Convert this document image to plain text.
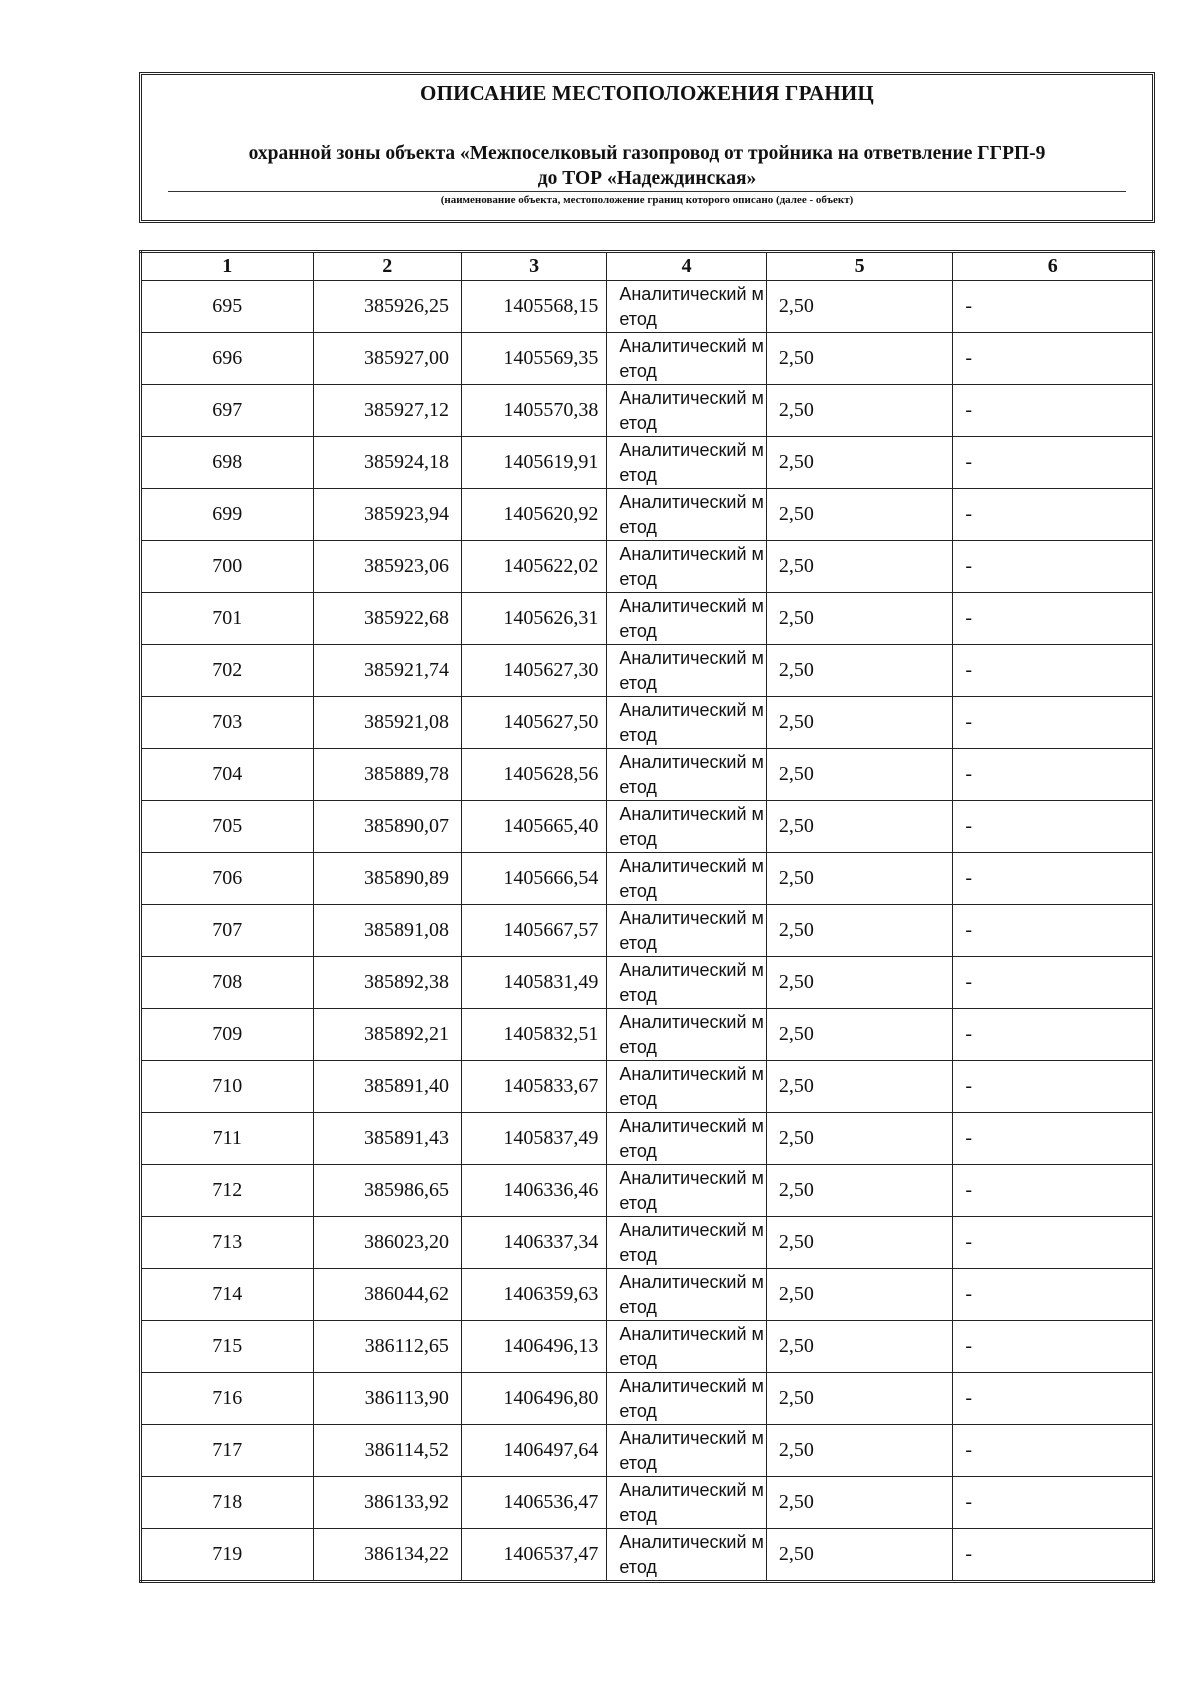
ОПИСАНИЕ МЕСТОПОЛОЖЕНИЯ ГРАНИЦ
охранной зоны объекта «Межпоселковый газопровод от тройника на ответвление ГГРП-9
до ТОР «Надеждинская»
(наименование объекта, местоположение границ которого описано (далее - объект)
1	2	3	4	5	6
695	385926,25	1405568,15	Аналитический метод	2,50	-
696	385927,00	1405569,35	Аналитический метод	2,50	-
697	385927,12	1405570,38	Аналитический метод	2,50	-
698	385924,18	1405619,91	Аналитический метод	2,50	-
699	385923,94	1405620,92	Аналитический метод	2,50	-
700	385923,06	1405622,02	Аналитический метод	2,50	-
701	385922,68	1405626,31	Аналитический метод	2,50	-
702	385921,74	1405627,30	Аналитический метод	2,50	-
703	385921,08	1405627,50	Аналитический метод	2,50	-
704	385889,78	1405628,56	Аналитический метод	2,50	-
705	385890,07	1405665,40	Аналитический метод	2,50	-
706	385890,89	1405666,54	Аналитический метод	2,50	-
707	385891,08	1405667,57	Аналитический метод	2,50	-
708	385892,38	1405831,49	Аналитический метод	2,50	-
709	385892,21	1405832,51	Аналитический метод	2,50	-
710	385891,40	1405833,67	Аналитический метод	2,50	-
711	385891,43	1405837,49	Аналитический метод	2,50	-
712	385986,65	1406336,46	Аналитический метод	2,50	-
713	386023,20	1406337,34	Аналитический метод	2,50	-
714	386044,62	1406359,63	Аналитический метод	2,50	-
715	386112,65	1406496,13	Аналитический метод	2,50	-
716	386113,90	1406496,80	Аналитический метод	2,50	-
717	386114,52	1406497,64	Аналитический метод	2,50	-
718	386133,92	1406536,47	Аналитический метод	2,50	-
719	386134,22	1406537,47	Аналитический метод	2,50	-
